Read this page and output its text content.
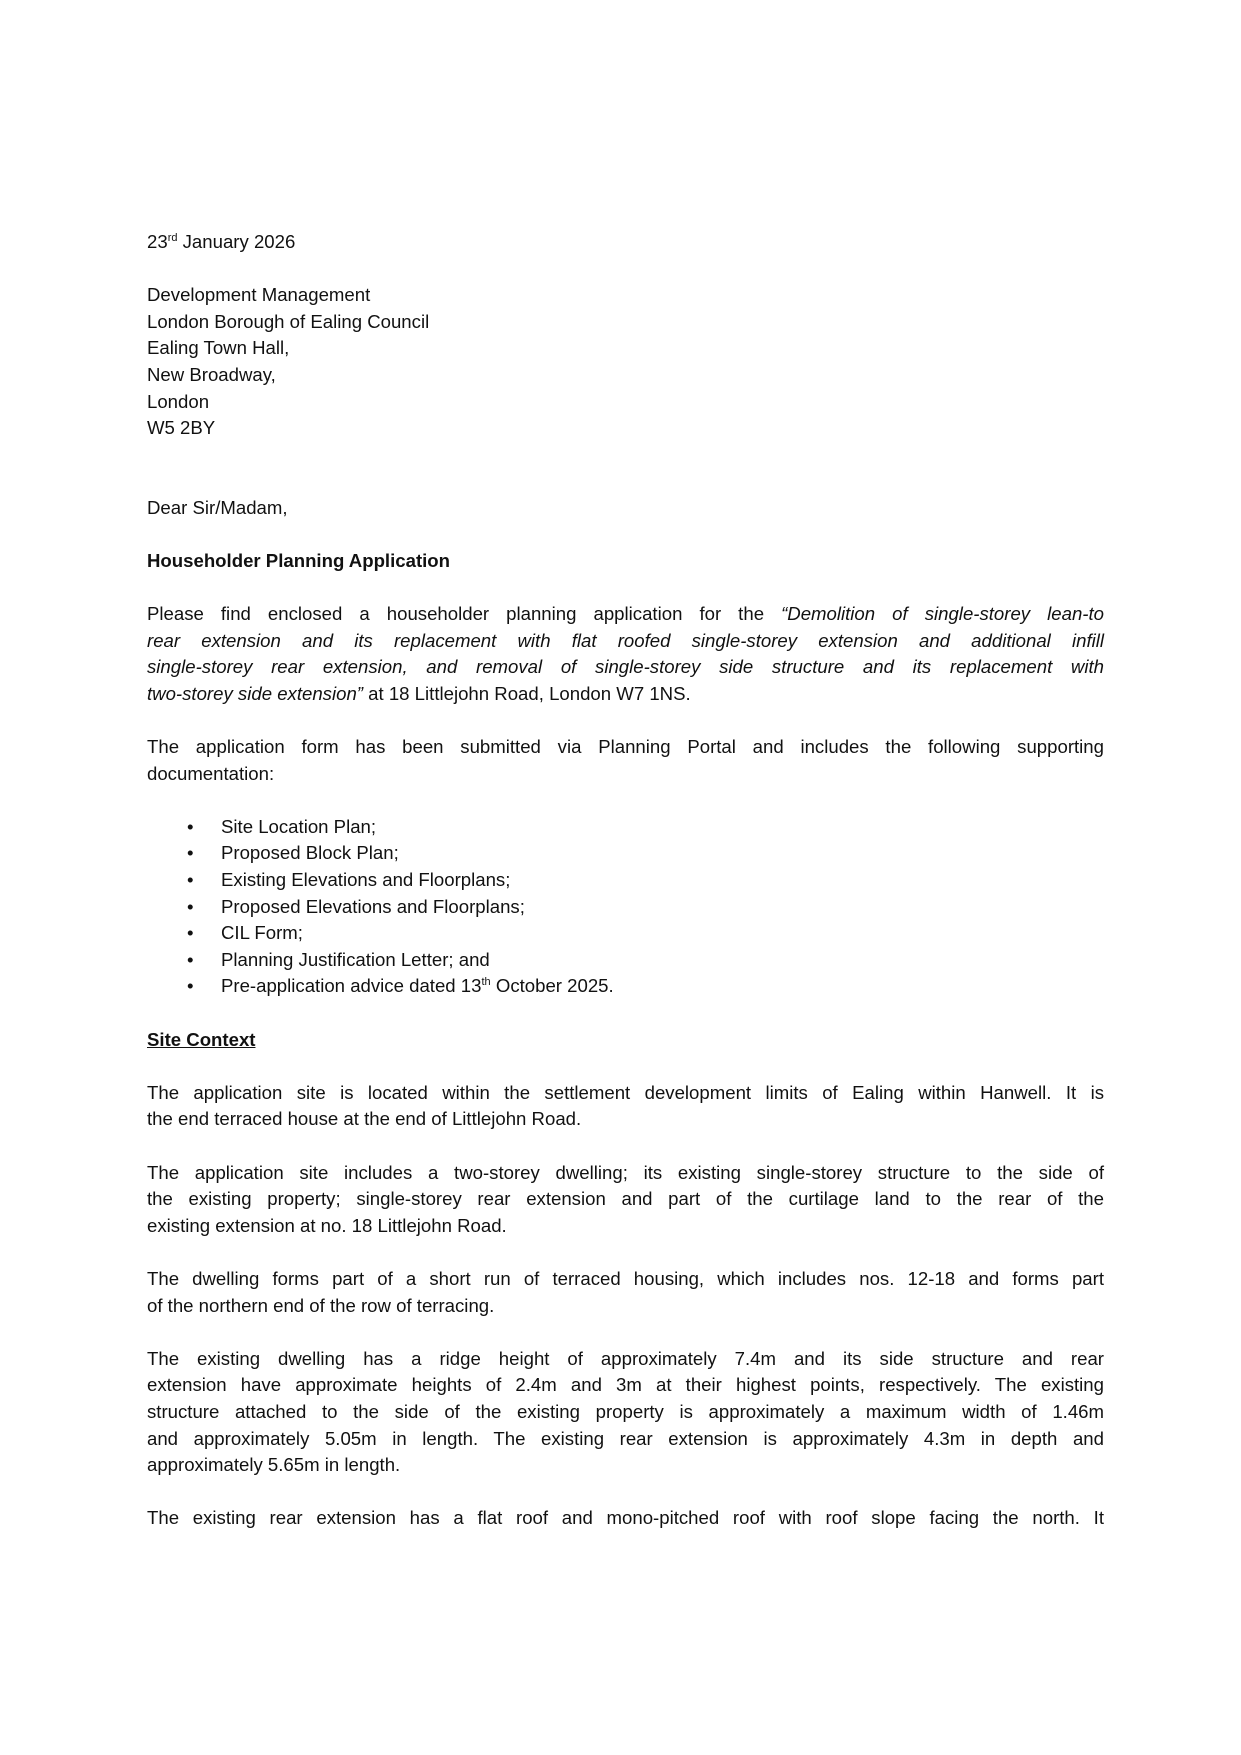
23rd January 2026
Development Management
London Borough of Ealing Council
Ealing Town Hall,
New Broadway,
London
W5 2BY
Dear Sir/Madam,
Householder Planning Application
Please find enclosed a householder planning application for the “Demolition of single-storey lean-to
rear extension and its replacement with flat roofed single-storey extension and additional infill
single-storey rear extension, and removal of single-storey side structure and its replacement with
two-storey side extension” at 18 Littlejohn Road, London W7 1NS.
The application form has been submitted via Planning Portal and includes the following supporting
documentation:
• Site Location Plan;
• Proposed Block Plan;
• Existing Elevations and Floorplans;
• Proposed Elevations and Floorplans;
• CIL Form;
• Planning Justification Letter; and
• Pre-application advice dated 13th October 2025.
Site Context
The application site is located within the settlement development limits of Ealing within Hanwell. It is
the end terraced house at the end of Littlejohn Road.
The application site includes a two-storey dwelling; its existing single-storey structure to the side of
the existing property; single-storey rear extension and part of the curtilage land to the rear of the
existing extension at no. 18 Littlejohn Road.
The dwelling forms part of a short run of terraced housing, which includes nos. 12-18 and forms part
of the northern end of the row of terracing.
The existing dwelling has a ridge height of approximately 7.4m and its side structure and rear
extension have approximate heights of 2.4m and 3m at their highest points, respectively. The existing
structure attached to the side of the existing property is approximately a maximum width of 1.46m
and approximately 5.05m in length. The existing rear extension is approximately 4.3m in depth and
approximately 5.65m in length.
The existing rear extension has a flat roof and mono-pitched roof with roof slope facing the north. It
